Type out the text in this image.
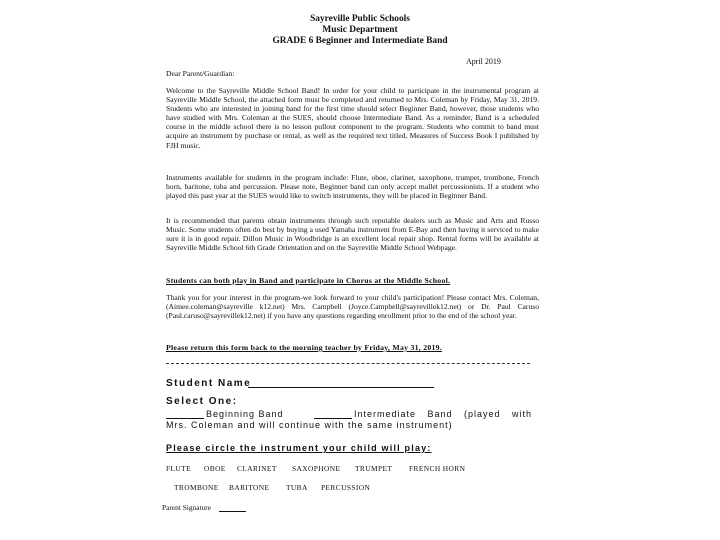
Sayreville Public Schools
Music Department
GRADE 6 Beginner and Intermediate Band
April 2019
Dear Parent/Guardian:
Welcome to the Sayreville Middle School Band! In order for your child to participate in the instrumental program at Sayreville Middle School, the attached form must be completed and returned to Mrs. Coleman by Friday, May 31, 2019. Students who are interested in joining band for the first time should select Beginner Band, however, those students who have studied with Mrs. Coleman at the SUES, should choose Intermediate Band. As a reminder, Band is a scheduled course in the middle school there is no lesson pullout component to the program. Students who commit to band must acquire an instrument by purchase or rental, as well as the required text titled, Measures of Success Book I published by FJH music.
Instruments available for students in the program include: Flute, oboe, clarinet, saxophone, trumpet, trombone, French horn, baritone, tuba and percussion. Please note, Beginner band can only accept mallet percussionists. If a student who played this past year at the SUES would like to switch instruments, they will be placed in Beginner Band.
It is recommended that parents obtain instruments through such reputable dealers such as Music and Arts and Russo Music. Some students often do best by buying a used Yamaha instrument from E-Bay and then having it serviced to make sure it is in good repair. Dillon Music in Woodbridge is an excellent local repair shop. Rental forms will be available at Sayreville Middle School 6th Grade Orientation and on the Sayreville Middle School Webpage.
Students can both play in Band and participate in Chorus at the Middle School.
Thank you for your interest in the program-we look forward to your child's participation! Please contact Mrs. Coleman, (Aimee.coleman@sayreville k12.net) Mrs. Campbell (Joyce.Campbell@sayrevillek12.net) or Dr. Paul Caruso (Paul.caruso@sayrevillek12.net) if you have any questions regarding enrollment prior to the end of the school year.
Please return this form back to the morning teacher by Friday, May 31, 2019.
Student Name
Select One:
Beginning Band	Intermediate Band (played with Mrs. Coleman and will continue with the same instrument)
Please circle the instrument your child will play:
FLUTE OBOE CLARINET SAXOPHONE TRUMPET FRENCH HORN
TROMBONE BARITONE TUBA PERCUSSION
Parent Signature
